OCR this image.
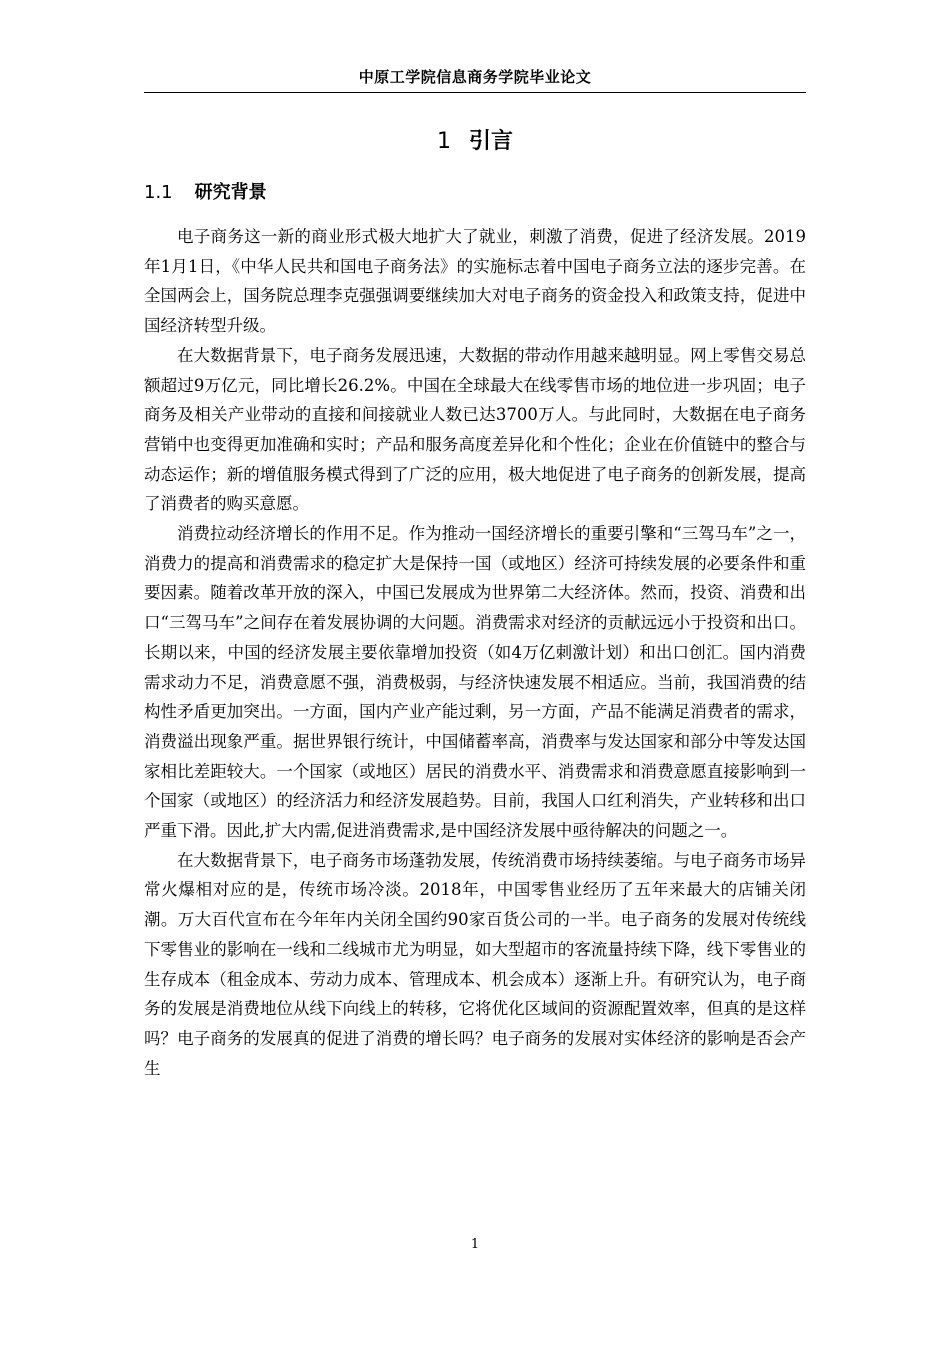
中原工学院信息商务学院毕业论文
1 引言
1.1 研究背景

电子商务这一新的商业形式极大地扩大了就业，刺激了消费，促进了经济发展。2019年1月1日，《中华人民共和国电子商务法》的实施标志着中国电子商务立法的逐步完善。在全国两会上，国务院总理李克强强调要继续加大对电子商务的资金投入和政策支持，促进中国经济转型升级。

在大数据背景下，电子商务发展迅速，大数据的带动作用越来越明显。网上零售交易总额超过9万亿元，同比增长26.2%。中国在全球最大在线零售市场的地位进一步巩固；电子商务及相关产业带动的直接和间接就业人数已达3700万人。与此同时，大数据在电子商务营销中也变得更加准确和实时；产品和服务高度差异化和个性化；企业在价值链中的整合与动态运作；新的增值服务模式得到了广泛的应用，极大地促进了电子商务的创新发展，提高了消费者的购买意愿。

消费拉动经济增长的作用不足。作为推动一国经济增长的重要引擎和“三驾马车”之一，消费力的提高和消费需求的稳定扩大是保持一国（或地区）经济可持续发展的必要条件和重要因素。随着改革开放的深入，中国已发展成为世界第二大经济体。然而，投资、消费和出口“三驾马车”之间存在着发展协调的大问题。消费需求对经济的贡献远远小于投资和出口。长期以来，中国的经济发展主要依靠增加投资（如4万亿刺激计划）和出口创汇。国内消费需求动力不足，消费意愿不强，消费极弱，与经济快速发展不相适应。当前，我国消费的结构性矛盾更加突出。一方面，国内产业产能过剩，另一方面，产品不能满足消费者的需求，消费溢出现象严重。据世界银行统计，中国储蓄率高，消费率与发达国家和部分中等发达国家相比差距较大。一个国家（或地区）居民的消费水平、消费需求和消费意愿直接影响到一个国家（或地区）的经济活力和经济发展趋势。目前，我国人口红利消失，产业转移和出口严重下滑。因此,扩大内需,促进消费需求,是中国经济发展中亟待解决的问题之一。

在大数据背景下，电子商务市场蓬勃发展，传统消费市场持续萎缩。与电子商务市场异常火爆相对应的是，传统市场冷淡。2018年，中国零售业经历了五年来最大的店铺关闭潮。万大百代宣布在今年年内关闭全国约90家百货公司的一半。电子商务的发展对传统线下零售业的影响在一线和二线城市尤为明显，如大型超市的客流量持续下降，线下零售业的生存成本（租金成本、劳动力成本、管理成本、机会成本）逐渐上升。有研究认为，电子商务的发展是消费地位从线下向线上的转移，它将优化区域间的资源配置效率，但真的是这样吗？电子商务的发展真的促进了消费的增长吗？电子商务的发展对实体经济的影响是否会产生

1
